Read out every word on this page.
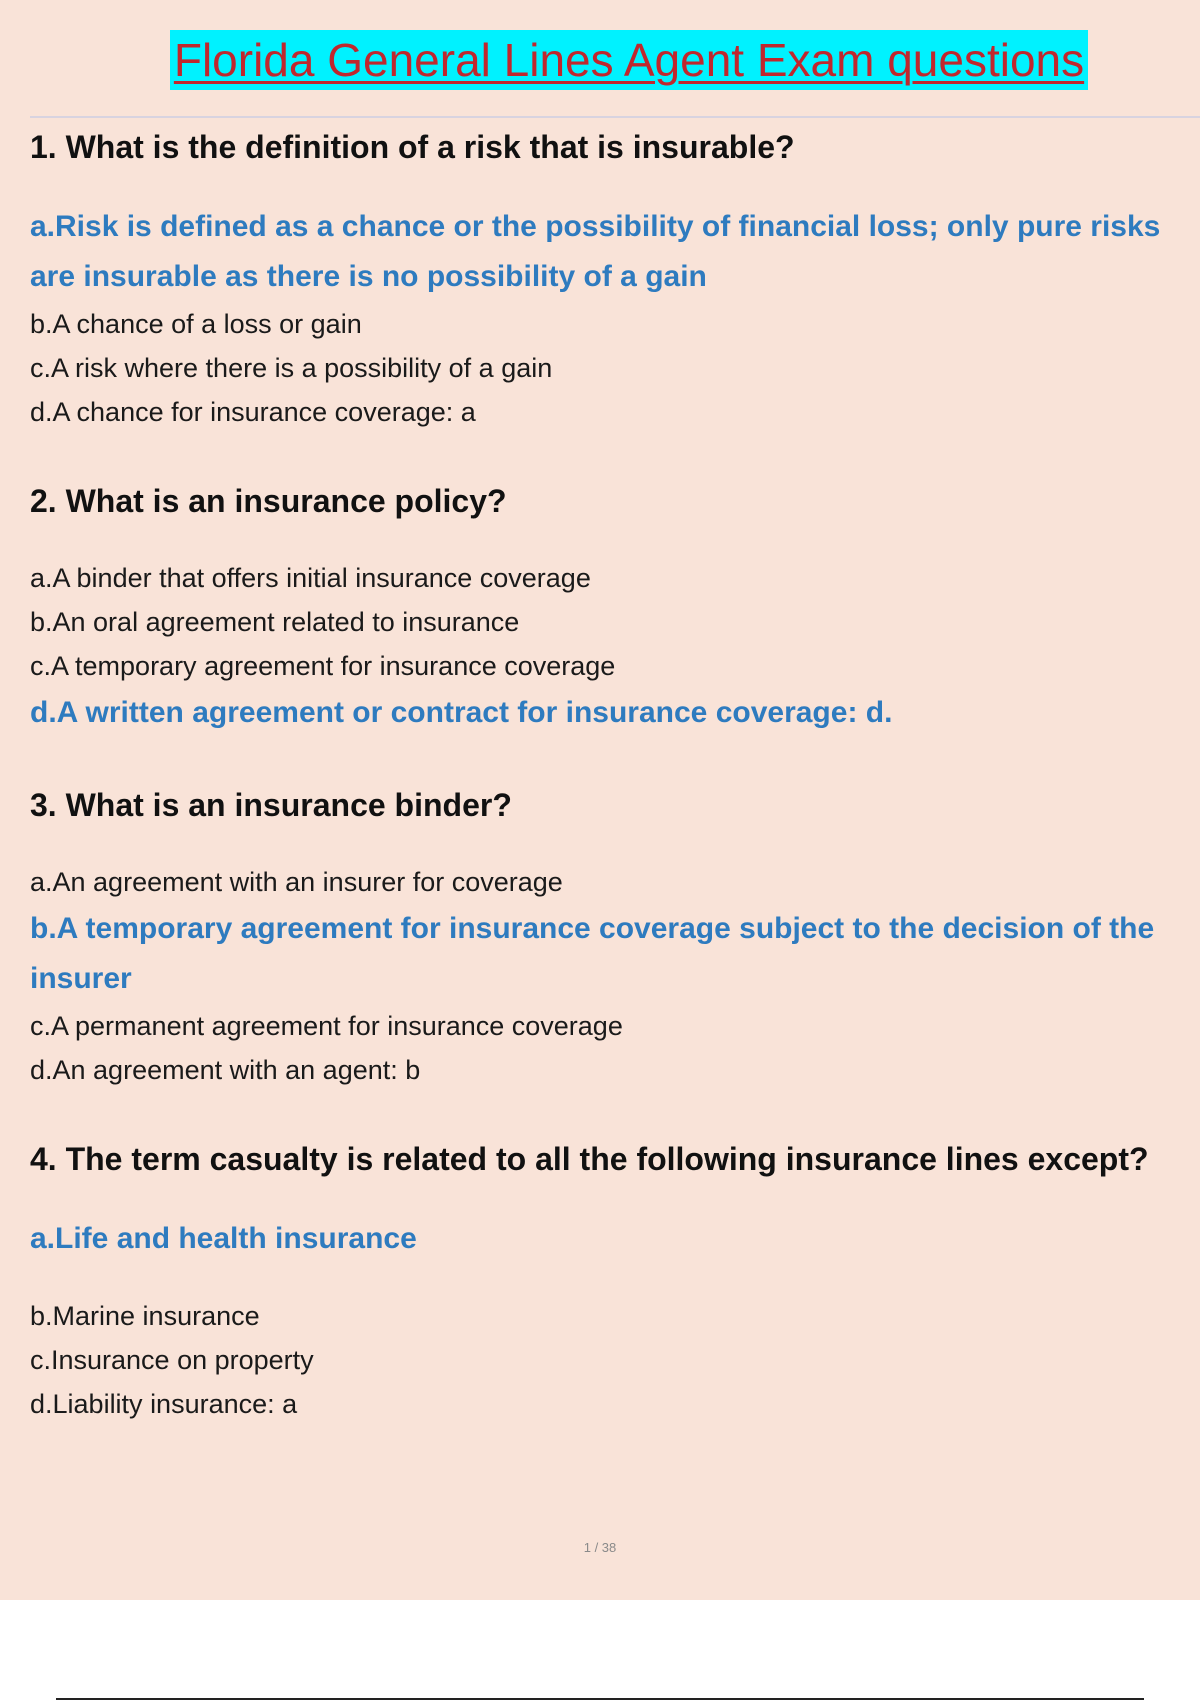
Florida General Lines Agent Exam questions

1. What is the definition of a risk that is insurable?

a.Risk is defined as a chance or the possibility of financial loss; only pure risks are insurable as there is no possibility of a gain

b.A chance of a loss or gain

c.A risk where there is a possibility of a gain

d.A chance for insurance coverage: a

2. What is an insurance policy?

a.A binder that offers initial insurance coverage

b.An oral agreement related to insurance

c.A temporary agreement for insurance coverage

d.A written agreement or contract for insurance coverage: d.

3. What is an insurance binder?

a.An agreement with an insurer for coverage

b.A temporary agreement for insurance coverage subject to the decision of the insurer

c.A permanent agreement for insurance coverage

d.An agreement with an agent: b

4. The term casualty is related to all the following insurance lines except?

a.Life and health insurance

b.Marine insurance

c.Insurance on property

d.Liability insurance: a

1 / 38
